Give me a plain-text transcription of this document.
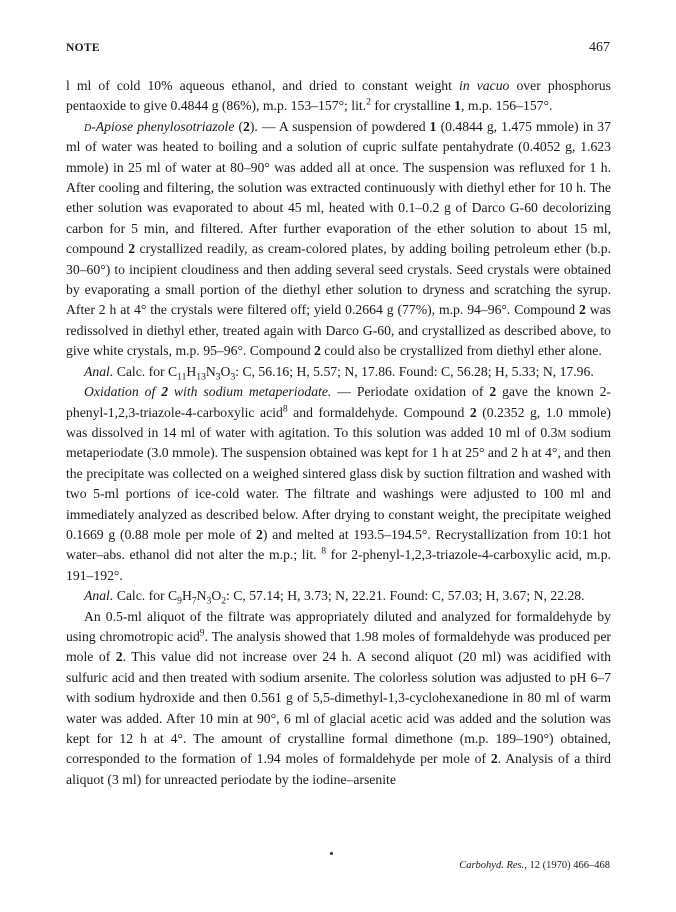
NOTE	467

l ml of cold 10% aqueous ethanol, and dried to constant weight in vacuo over phosphorus pentaoxide to give 0.4844 g (86%), m.p. 153–157°; lit.$^2$ for crystalline 1, m.p. 156–157°.

d-Apiose phenylosotriazole (2). — A suspension of powdered 1 (0.4844 g, 1.475 mmole) in 37 ml of water was heated to boiling and a solution of cupric sulfate pentahydrate (0.4052 g, 1.623 mmole) in 25 ml of water at 80–90° was added all at once. The suspension was refluxed for 1 h. After cooling and filtering, the solution was extracted continuously with diethyl ether for 10 h. The ether solution was evaporated to about 45 ml, heated with 0.1–0.2 g of Darco G-60 decolorizing carbon for 5 min, and filtered. After further evaporation of the ether solution to about 15 ml, compound 2 crystallized readily, as cream-colored plates, by adding boiling petroleum ether (b.p. 30–60°) to incipient cloudiness and then adding several seed crystals. Seed crystals were obtained by evaporating a small portion of the diethyl ether solution to dryness and scratching the syrup. After 2 h at 4° the crystals were filtered off; yield 0.2664 g (77%), m.p. 94–96°. Compound 2 was redissolved in diethyl ether, treated again with Darco G-60, and crystallized as described above, to give white crystals, m.p. 95–96°. Compound 2 could also be crystallized from diethyl ether alone.

Anal. Calc. for $C_{11}H_{13}N_3O_3$: C, 56.16; H, 5.57; N, 17.86. Found: C, 56.28; H, 5.33; N, 17.96.

Oxidation of 2 with sodium metaperiodate. — Periodate oxidation of 2 gave the known 2-phenyl-1,2,3-triazole-4-carboxylic acid$^8$ and formaldehyde. Compound 2 (0.2352 g, 1.0 mmole) was dissolved in 14 ml of water with agitation. To this solution was added 10 ml of 0.3m sodium metaperiodate (3.0 mmole). The suspension obtained was kept for 1 h at 25° and 2 h at 4°, and then the precipitate was collected on a weighed sintered glass disk by suction filtration and washed with two 5-ml portions of ice-cold water. The filtrate and washings were adjusted to 100 ml and immediately analyzed as described below. After drying to constant weight, the precipitate weighed 0.1669 g (0.88 mole per mole of 2) and melted at 193.5–194.5°. Recrystallization from 10:1 hot water–abs. ethanol did not alter the m.p.; lit. $^8$ for 2-phenyl-1,2,3-triazole-4-carboxylic acid, m.p. 191–192°.

Anal. Calc. for $C_9H_7N_3O_2$: C, 57.14; H, 3.73; N, 22.21. Found: C, 57.03; H, 3.67; N, 22.28.

An 0.5-ml aliquot of the filtrate was appropriately diluted and analyzed for formaldehyde by using chromotropic acid$^9$. The analysis showed that 1.98 moles of formaldehyde was produced per mole of 2. This value did not increase over 24 h. A second aliquot (20 ml) was acidified with sulfuric acid and then treated with sodium arsenite. The colorless solution was adjusted to pH 6–7 with sodium hydroxide and then 0.561 g of 5,5-dimethyl-1,3-cyclohexanedione in 80 ml of warm water was added. After 10 min at 90°, 6 ml of glacial acetic acid was added and the solution was kept for 12 h at 4°. The amount of crystalline formal dimethone (m.p. 189–190°) obtained, corresponded to the formation of 1.94 moles of formaldehyde per mole of 2. Analysis of a third aliquot (3 ml) for unreacted periodate by the iodine–arsenite

Carbohyd. Res., 12 (1970) 466–468
